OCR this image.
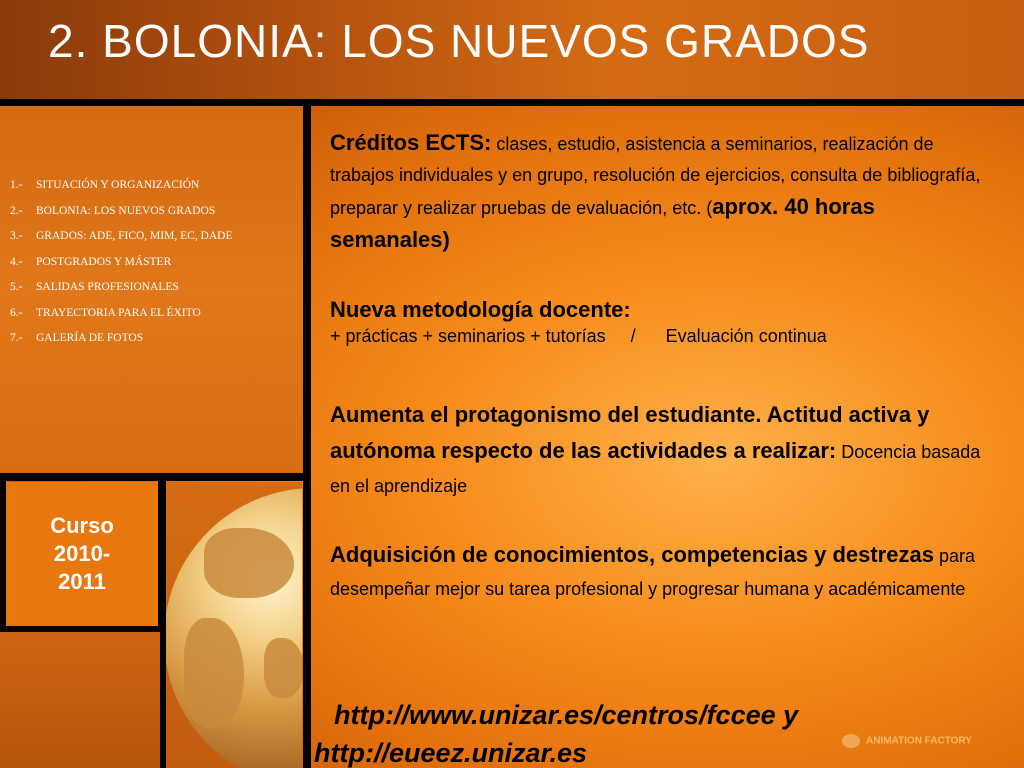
2. BOLONIA: LOS NUEVOS GRADOS
1.- SITUACIÓN Y ORGANIZACIÓN
2.- BOLONIA: LOS NUEVOS GRADOS
3.- GRADOS: ADE, FICO, MIM, EC, DADE
4.- POSTGRADOS Y MÁSTER
5.- SALIDAS PROFESIONALES
6.- TRAYECTORIA PARA EL ÉXITO
7.- GALERÍA DE FOTOS
Curso
2010-
2011
Créditos ECTS: clases, estudio, asistencia a seminarios, realización de trabajos individuales y en grupo, resolución de ejercicios, consulta de bibliografía, preparar y realizar pruebas de evaluación, etc. (aprox. 40 horas semanales)
Nueva metodología docente:
+ prácticas + seminarios + tutorías     /      Evaluación continua
Aumenta el protagonismo del estudiante. Actitud activa y autónoma respecto de las actividades a realizar: Docencia basada en el aprendizaje
Adquisición de conocimientos, competencias y destrezas para desempeñar mejor su tarea profesional y progresar humana y académicamente
http://www.unizar.es/centros/fccee y
http://eueez.unizar.es	ANIMATION FACTORY
